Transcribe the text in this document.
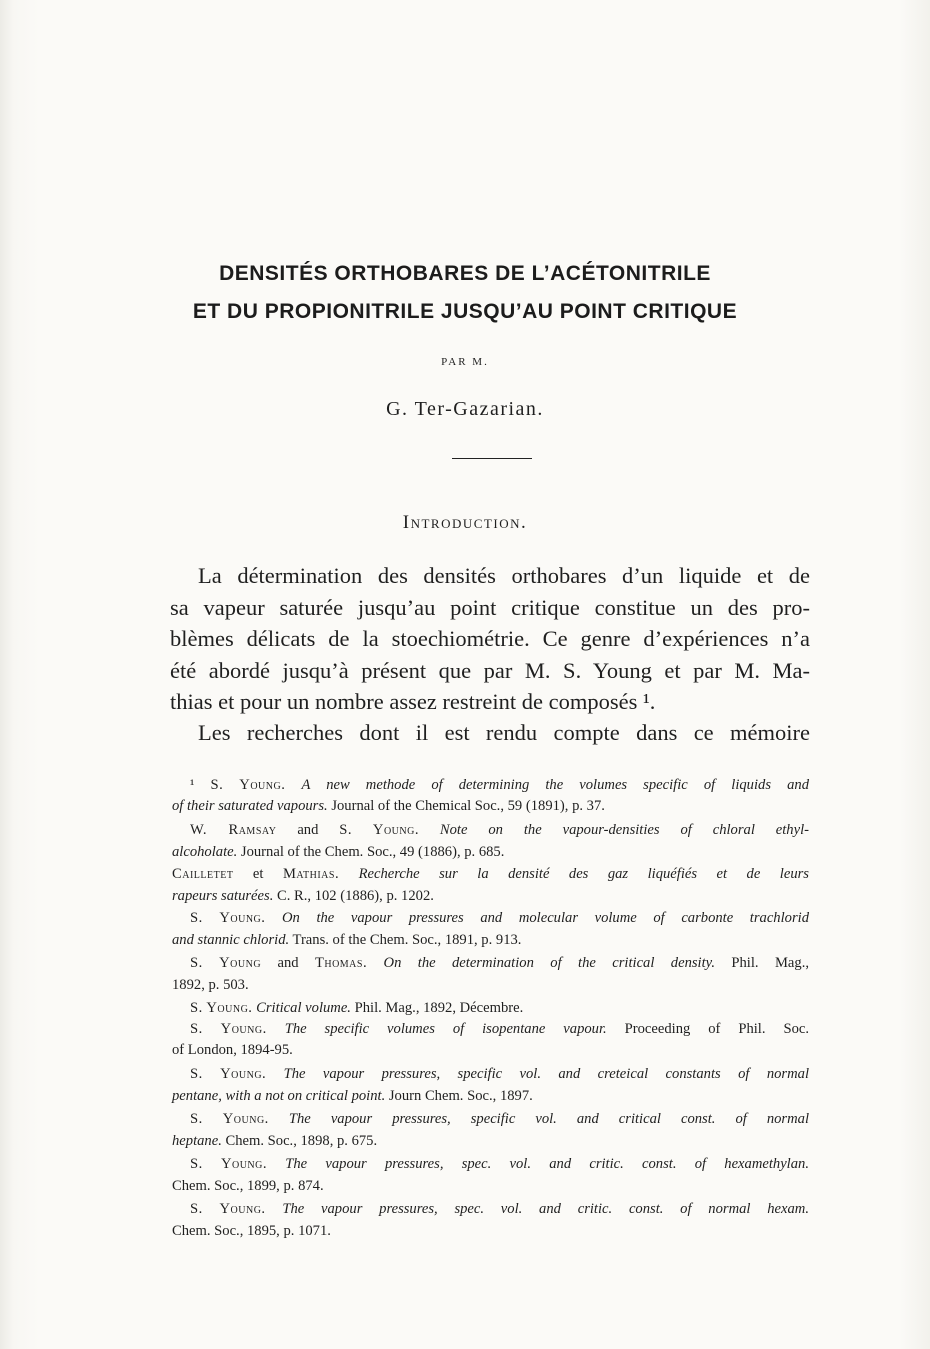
DENSITÉS ORTHOBARES DE L’ACÉTONITRILE
ET DU PROPIONITRILE JUSQU’AU POINT CRITIQUE
PAR M.
G. Ter-Gazarian.
Introduction.
La détermination des densités orthobares d’un liquide et de
sa vapeur saturée jusqu’au point critique constitue un des pro-
blèmes délicats de la stoechiométrie. Ce genre d’expériences n’a
été abordé jusqu’à présent que par M. S. Young et par M. Ma-
thias et pour un nombre assez restreint de composés ¹.
Les recherches dont il est rendu compte dans ce mémoire
¹ S. Young. A new methode of determining the volumes specific of liquids and
of their saturated vapours. Journal of the Chemical Soc., 59 (1891), p. 37.
W. Ramsay and S. Young. Note on the vapour-densities of chloral ethyl-
alcoholate. Journal of the Chem. Soc., 49 (1886), p. 685.
Cailletet et Mathias. Recherche sur la densité des gaz liquéfiés et de leurs
rapeurs saturées. C. R., 102 (1886), p. 1202.
S. Young. On the vapour pressures and molecular volume of carbonte trachlorid
and stannic chlorid. Trans. of the Chem. Soc., 1891, p. 913.
S. Young and Thomas. On the determination of the critical density. Phil. Mag.,
1892, p. 503.
S. Young. Critical volume. Phil. Mag., 1892, Décembre.
S. Young. The specific volumes of isopentane vapour. Proceeding of Phil. Soc.
of London, 1894-95.
S. Young. The vapour pressures, specific vol. and creteical constants of normal
pentane, with a not on critical point. Journ Chem. Soc., 1897.
S. Young. The vapour pressures, specific vol. and critical const. of normal
heptane. Chem. Soc., 1898, p. 675.
S. Young. The vapour pressures, spec. vol. and critic. const. of hexamethylan.
Chem. Soc., 1899, p. 874.
S. Young. The vapour pressures, spec. vol. and critic. const. of normal hexam.
Chem. Soc., 1895, p. 1071.
